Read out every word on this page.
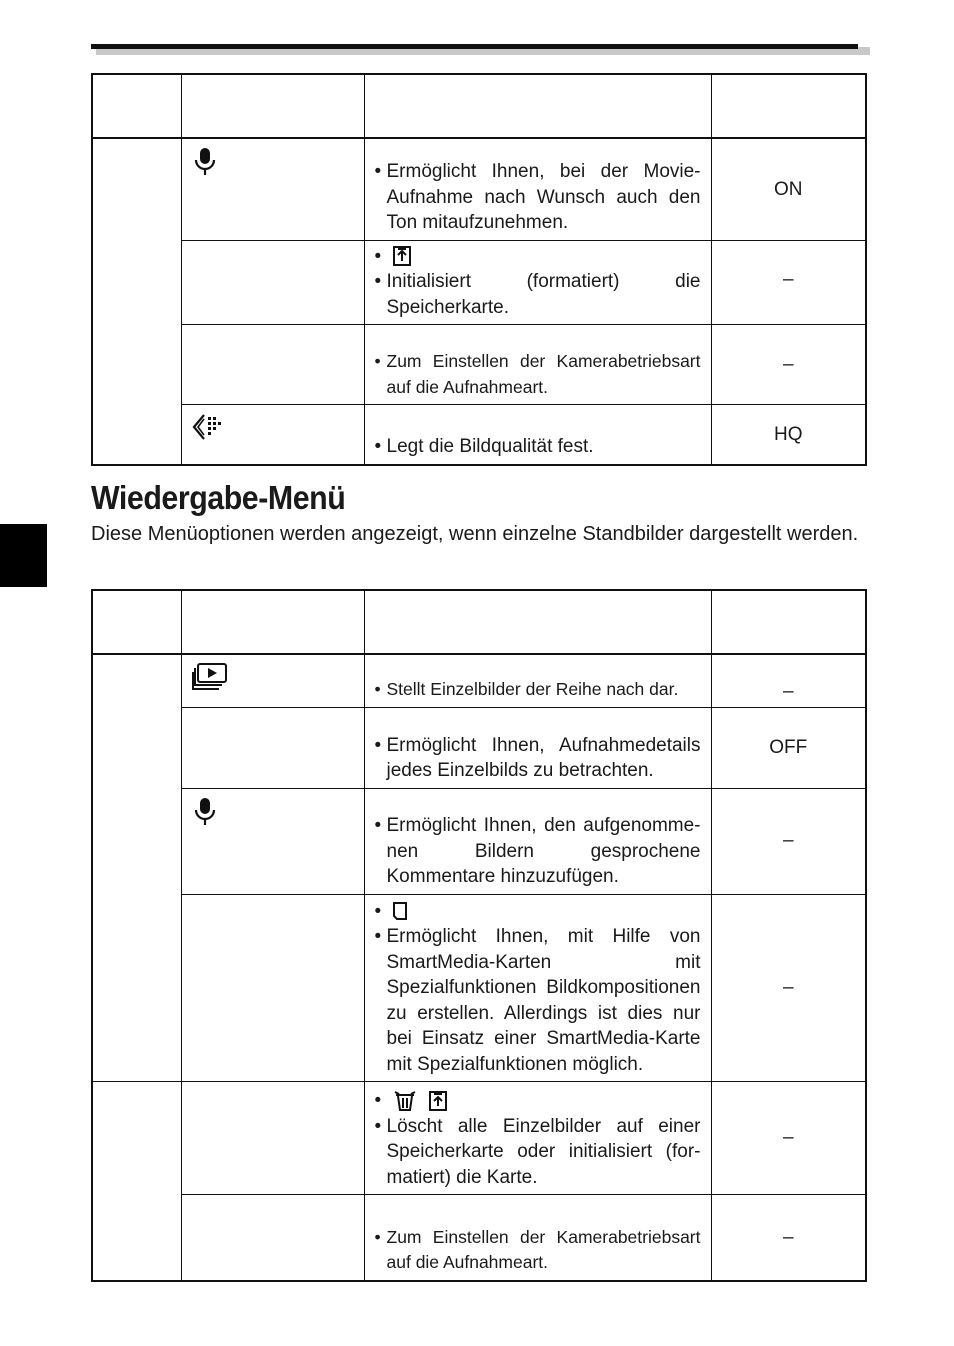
• Ermöglicht Ihnen, bei der Movie-Aufnahme nach Wunsch auch den Ton mitaufzunehmen.	ON

•
• Initialisiert (formatiert) die Speicherkarte.	–

		• Zum Einstellen der Kamerabetriebsart auf die Aufnahmeart.	–

• Legt die Bildqualität fest.	HQ
Wiedergabe-Menü

Diese Menüoptionen werden angezeigt, wenn einzelne Standbilder dargestellt werden.

• Stellt Einzelbilder der Reihe nach dar.	–

		• Ermöglicht Ihnen, Aufnahmedetails jedes Einzelbilds zu betrachten.	OFF

• Ermöglicht Ihnen, den aufgenomme-nen Bildern gesprochene Kommentare hinzuzufügen.	–

•
• Ermöglicht Ihnen, mit Hilfe von SmartMedia-Karten mit Spezialfunktionen Bildkompositionen zu erstellen. Allerdings ist dies nur bei Einsatz einer SmartMedia-Karte mit Spezialfunktionen möglich.	–

•
• Löscht alle Einzelbilder auf einer Speicherkarte oder initialisiert (for-matiert) die Karte.	–

		• Zum Einstellen der Kamerabetriebsart auf die Aufnahmeart.	–
